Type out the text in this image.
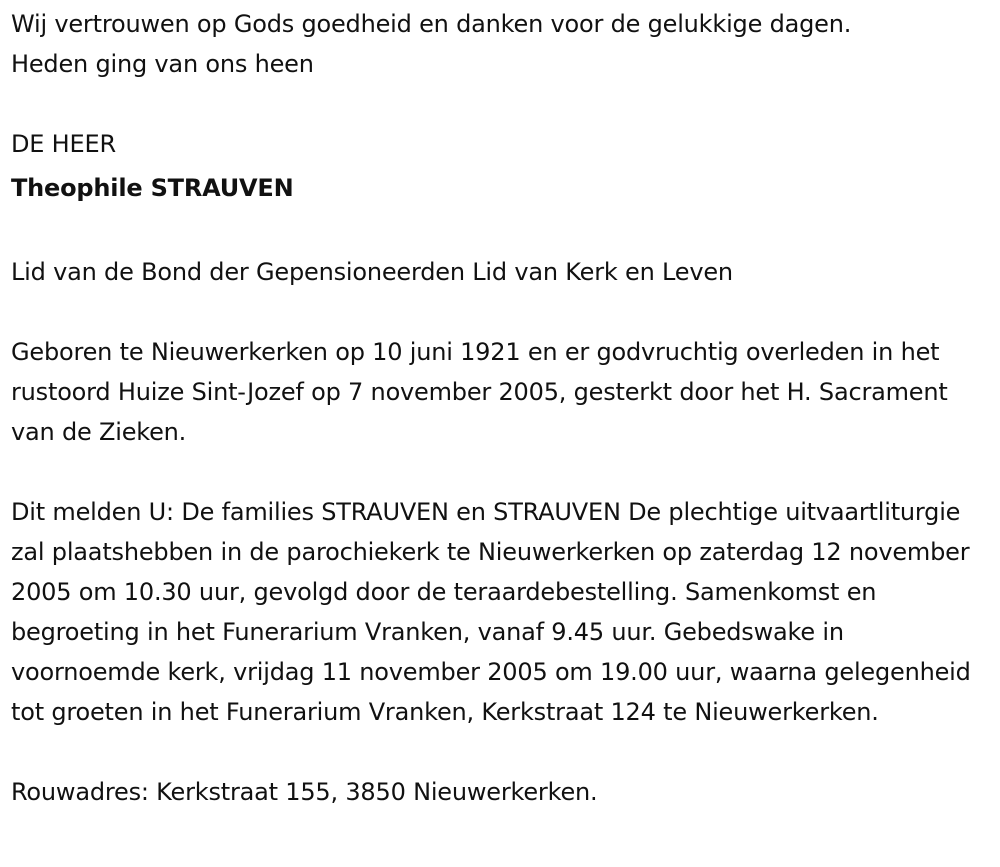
Wij vertrouwen op Gods goedheid en danken voor de gelukkige dagen.

Heden ging van ons heen

DE HEER

Theophile STRAUVEN

Lid van de Bond der Gepensioneerden Lid van Kerk en Leven

Geboren te Nieuwerkerken op 10 juni 1921 en er godvruchtig overleden in het rustoord Huize Sint-Jozef op 7 november 2005, gesterkt door het H. Sacrament van de Zieken.

Dit melden U: De families STRAUVEN en STRAUVEN De plechtige uitvaartliturgie zal plaatshebben in de parochiekerk te Nieuwerkerken op zaterdag 12 november 2005 om 10.30 uur, gevolgd door de teraardebestelling. Samenkomst en begroeting in het Funerarium Vranken, vanaf 9.45 uur. Gebedswake in voornoemde kerk, vrijdag 11 november 2005 om 19.00 uur, waarna gelegenheid tot groeten in het Funerarium Vranken, Kerkstraat 124 te Nieuwerkerken.

Rouwadres: Kerkstraat 155, 3850 Nieuwerkerken.
